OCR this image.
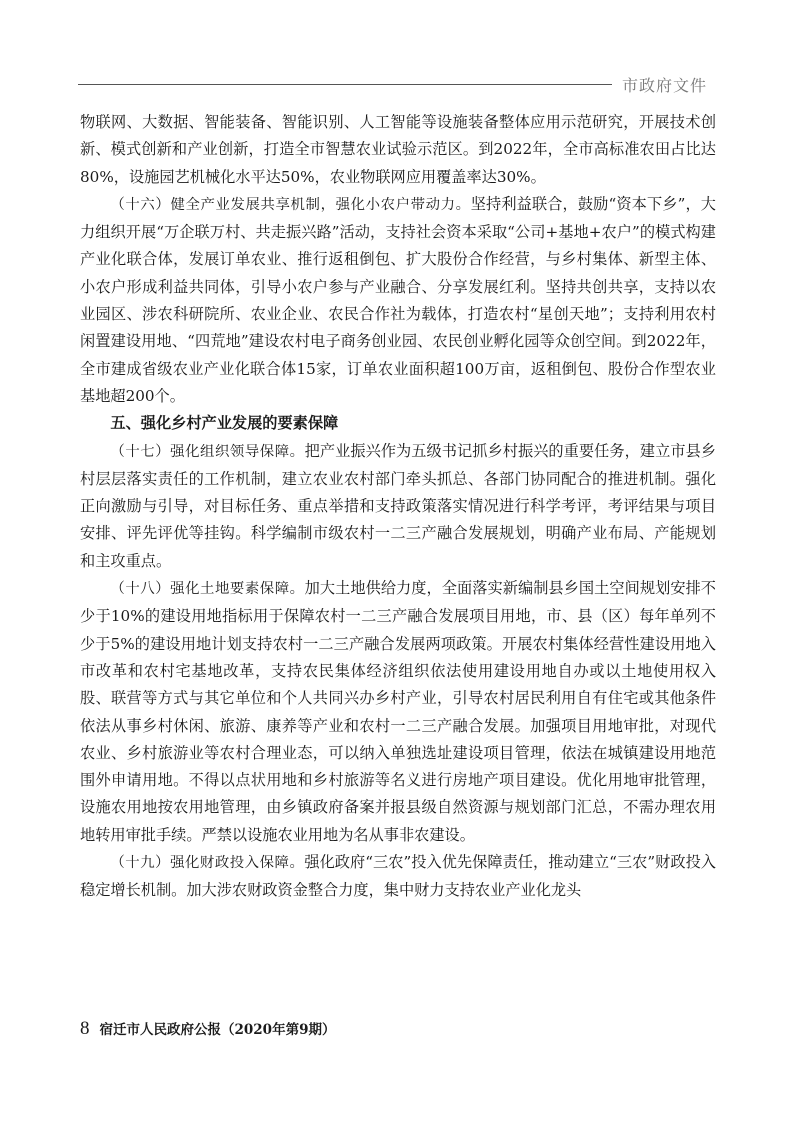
市政府文件

物联网、大数据、智能装备、智能识别、人工智能等设施装备整体应用示范研究，开展技术创新、模式创新和产业创新，打造全市智慧农业试验示范区。到2022年，全市高标准农田占比达80%，设施园艺机械化水平达50%，农业物联网应用覆盖率达30%。

（十六）健全产业发展共享机制，强化小农户带动力。坚持利益联合，鼓励“资本下乡”，大力组织开展“万企联万村、共走振兴路”活动，支持社会资本采取“公司+基地+农户”的模式构建产业化联合体，发展订单农业、推行返租倒包、扩大股份合作经营，与乡村集体、新型主体、小农户形成利益共同体，引导小农户参与产业融合、分享发展红利。坚持共创共享，支持以农业园区、涉农科研院所、农业企业、农民合作社为载体，打造农村“星创天地”；支持利用农村闲置建设用地、“四荒地”建设农村电子商务创业园、农民创业孵化园等众创空间。到2022年，全市建成省级农业产业化联合体15家，订单农业面积超100万亩，返租倒包、股份合作型农业基地超200个。

五、强化乡村产业发展的要素保障

（十七）强化组织领导保障。把产业振兴作为五级书记抓乡村振兴的重要任务，建立市县乡村层层落实责任的工作机制，建立农业农村部门牵头抓总、各部门协同配合的推进机制。强化正向激励与引导，对目标任务、重点举措和支持政策落实情况进行科学考评，考评结果与项目安排、评先评优等挂钩。科学编制市级农村一二三产融合发展规划，明确产业布局、产能规划和主攻重点。

（十八）强化土地要素保障。加大土地供给力度，全面落实新编制县乡国土空间规划安排不少于10%的建设用地指标用于保障农村一二三产融合发展项目用地，市、县（区）每年单列不少于5%的建设用地计划支持农村一二三产融合发展两项政策。开展农村集体经营性建设用地入市改革和农村宅基地改革，支持农民集体经济组织依法使用建设用地自办或以土地使用权入股、联营等方式与其它单位和个人共同兴办乡村产业，引导农村居民利用自有住宅或其他条件依法从事乡村休闲、旅游、康养等产业和农村一二三产融合发展。加强项目用地审批，对现代农业、乡村旅游业等农村合理业态，可以纳入单独选址建设项目管理，依法在城镇建设用地范围外申请用地。不得以点状用地和乡村旅游等名义进行房地产项目建设。优化用地审批管理，设施农用地按农用地管理，由乡镇政府备案并报县级自然资源与规划部门汇总，不需办理农用地转用审批手续。严禁以设施农业用地为名从事非农建设。

（十九）强化财政投入保障。强化政府“三农”投入优先保障责任，推动建立“三农”财政投入稳定增长机制。加大涉农财政资金整合力度，集中财力支持农业产业化龙头

8 宿迁市人民政府公报（2020年第9期）
